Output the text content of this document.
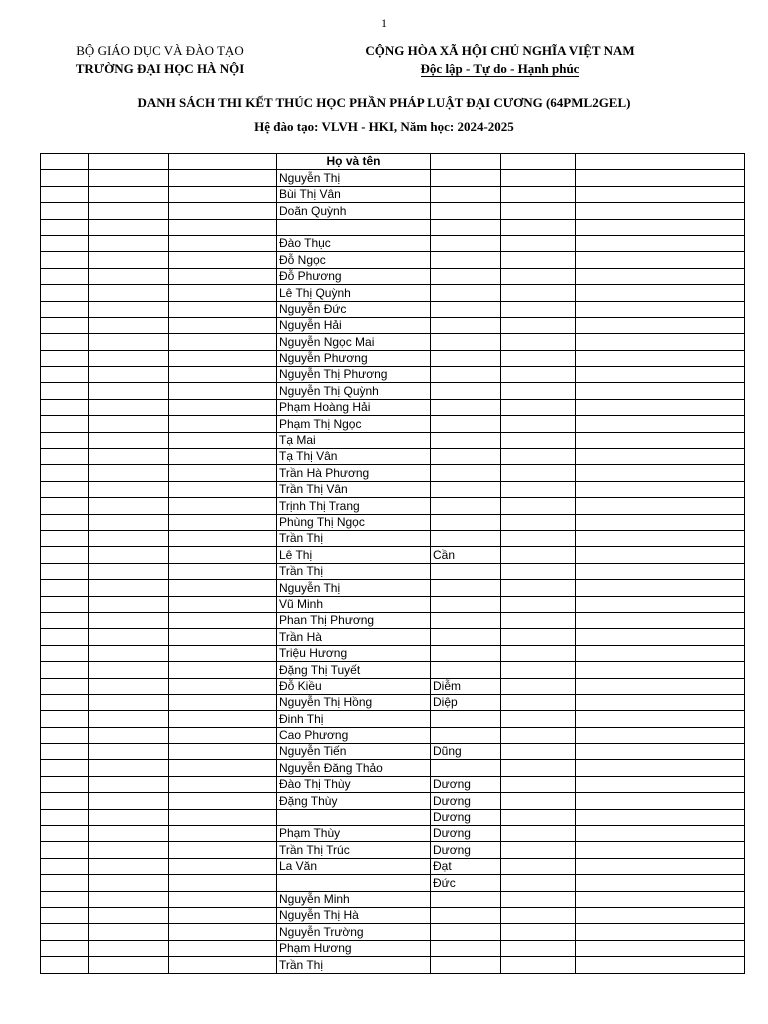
1
BỘ GIÁO DỤC VÀ ĐÀO TẠO
TRƯỜNG ĐẠI HỌC HÀ NỘI
CỘNG HÒA XÃ HỘI CHỦ NGHĨA VIỆT NAM
Độc lập - Tự do - Hạnh phúc
DANH SÁCH THI KẾT THÚC HỌC PHẦN PHÁP LUẬT ĐẠI CƯƠNG (64PML2GEL)
Hệ đào tạo: VLVH - HKI, Năm học: 2024-2025
			Họ và tên			
			Nguyễn Thị			
			Bùi Thị Vân			
			Doãn Quỳnh			

			Đào Thục			
			Đỗ Ngọc			
			Đỗ Phương			
			Lê Thị Quỳnh			
			Nguyễn Đức			
			Nguyễn Hải			
			Nguyễn Ngọc Mai			
			Nguyễn Phương			
			Nguyễn Thị Phương			
			Nguyễn Thị Quỳnh			
			Phạm Hoàng Hải			
			Phạm Thị Ngọc			
			Tạ Mai			
			Tạ Thị Vân			
			Trần Hà Phương			
			Trần Thị Vân			
			Trịnh Thị Trang			
			Phùng Thị Ngọc			
			Trần Thị			
			Lê Thị	Cần		
			Trần Thị			
			Nguyễn Thị			
			Vũ Minh			
			Phan Thị Phương			
			Trần Hà			
			Triệu Hương			
			Đặng Thị Tuyết			
			Đỗ Kiều	Diễm		
			Nguyễn Thị Hồng	Diệp		
			Đinh Thị			
			Cao Phương			
			Nguyễn Tiến	Dũng		
			Nguyễn Đăng Thảo			
			Đào Thị Thùy	Dương		
			Đặng Thùy	Dương		
				Dương		
			Phạm Thùy	Dương		
			Trần Thị Trúc	Dương		
			La Văn	Đạt		
				Đức		
			Nguyễn Minh			
			Nguyễn Thị Hà			
			Nguyễn Trường			
			Phạm Hương			
			Trần Thị			
